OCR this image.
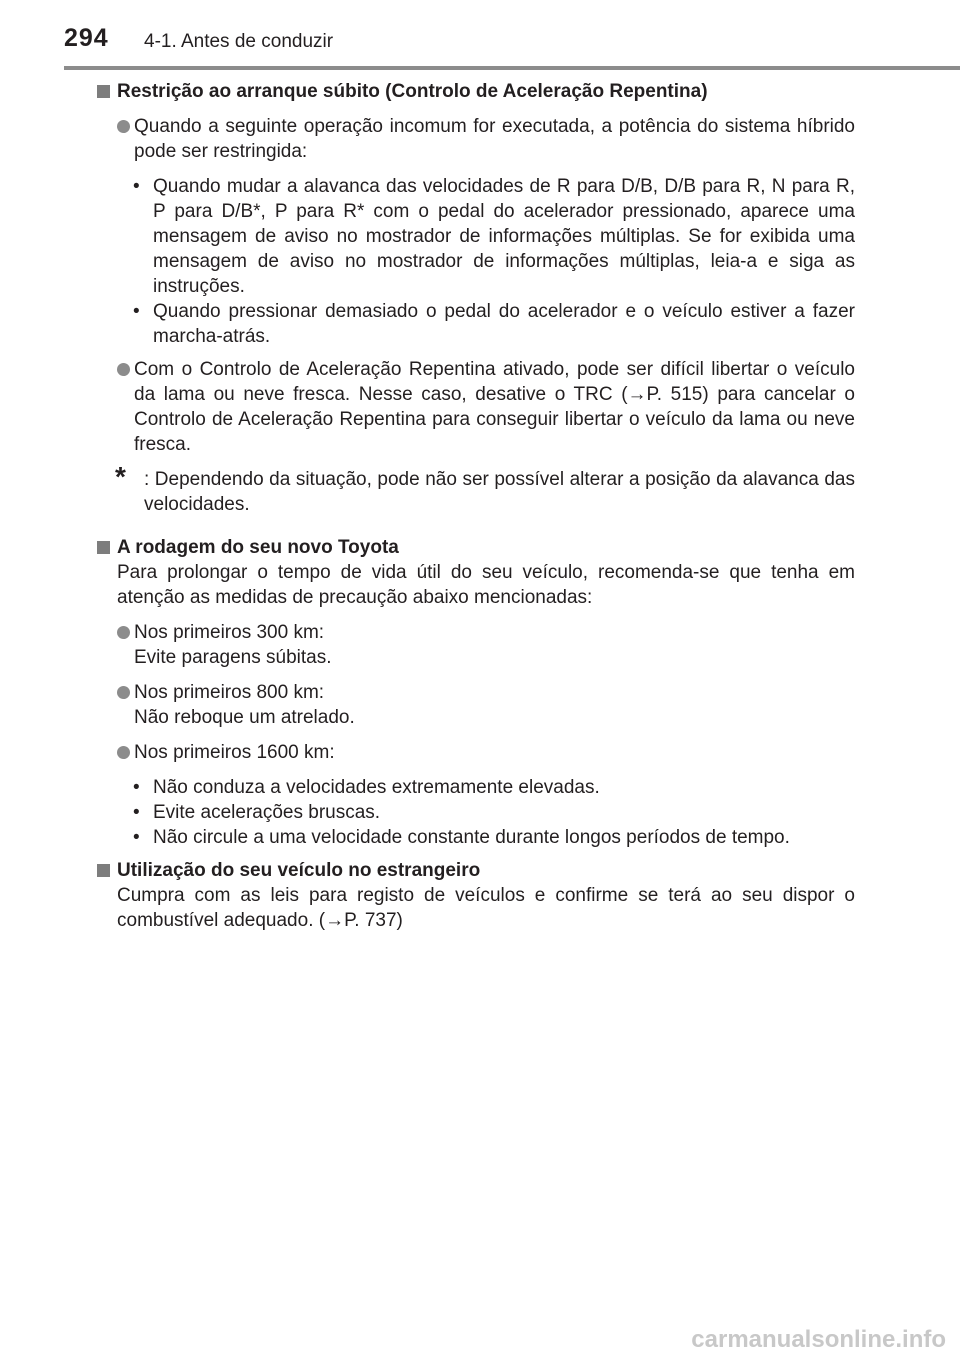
294 4-1. Antes de conduzir
Restrição ao arranque súbito (Controlo de Aceleração Repentina)
Quando a seguinte operação incomum for executada, a potência do sistema híbrido pode ser restringida:
• Quando mudar a alavanca das velocidades de R para D/B, D/B para R, N para R, P para D/B*, P para R* com o pedal do acelerador pressionado, aparece uma mensagem de aviso no mostrador de informações múltiplas. Se for exibida uma mensagem de aviso no mostrador de informações múltiplas, leia-a e siga as instruções.
• Quando pressionar demasiado o pedal do acelerador e o veículo estiver a fazer marcha-atrás.
Com o Controlo de Aceleração Repentina ativado, pode ser difícil libertar o veículo da lama ou neve fresca. Nesse caso, desative o TRC (→P. 515) para cancelar o Controlo de Aceleração Repentina para conseguir libertar o veículo da lama ou neve fresca.
* : Dependendo da situação, pode não ser possível alterar a posição da alavanca das velocidades.
A rodagem do seu novo Toyota
Para prolongar o tempo de vida útil do seu veículo, recomenda-se que tenha em atenção as medidas de precaução abaixo mencionadas:
Nos primeiros 300 km:
Evite paragens súbitas.
Nos primeiros 800 km:
Não reboque um atrelado.
Nos primeiros 1600 km:
• Não conduza a velocidades extremamente elevadas.
• Evite acelerações bruscas.
• Não circule a uma velocidade constante durante longos períodos de tempo.
Utilização do seu veículo no estrangeiro
Cumpra com as leis para registo de veículos e confirme se terá ao seu dispor o combustível adequado. (→P. 737)
carmanualsonline.info
